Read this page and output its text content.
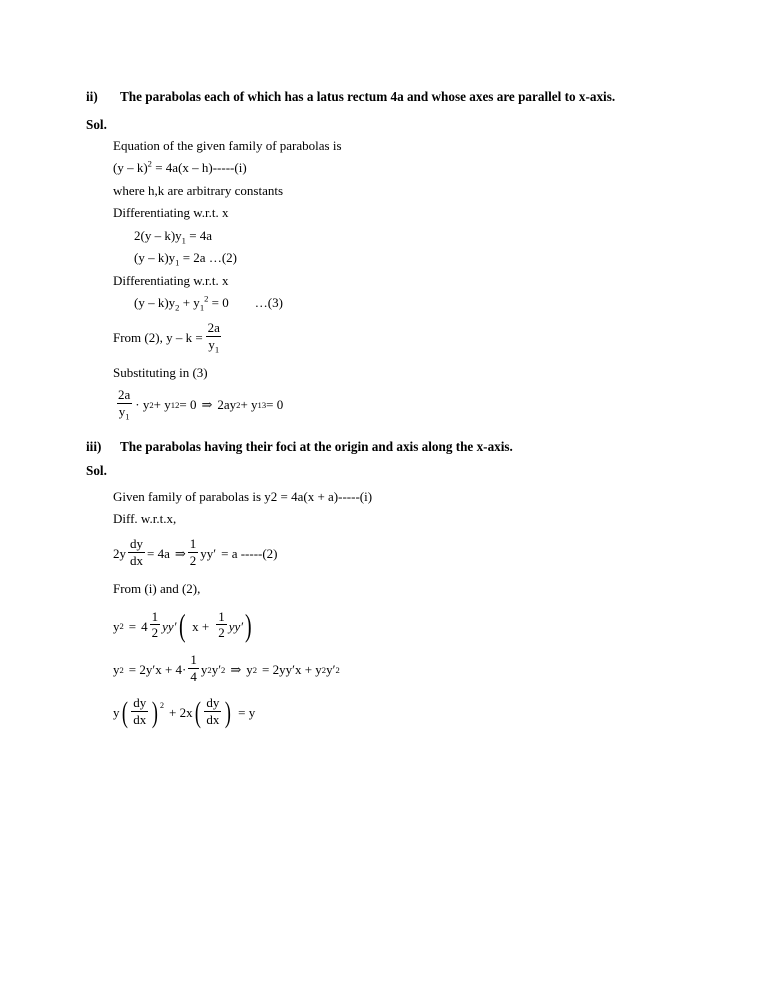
ii)	The parabolas each of which has a latus rectum 4a and whose axes are parallel to x-axis.
Sol.
Equation of the given family of parabolas is
(y – k)$^2$ = 4a(x – h)-----(i)
where h,k are arbitrary constants
Differentiating w.r.t. x
$2(y - k)y_1 = 4a$
$(y - k)y_1 = 2a$ …(2)
Differentiating w.r.t. x
$(y - k)y_2 + y_1^2 = 0$ …(3)
From (2), $y - k = \frac{2a}{y_1}$
Substituting in (3)
$\frac{2a}{y_1} \cdot y$ 2 + y 1 2 = 0 ⇒ 2ay 2 + y 1 3 = 0
iii)	The parabolas having their foci at the origin and axis along the x-axis.
Sol.
Given family of parabolas is y2 = 4a(x + a)-----(i)
Diff. w.r.t.x,
$2y \frac{dy}{dx} = 4a$ ⇒ $\frac{1}{2} yy' = a$ -----(2)
From (i) and (2),
y $2 = 4 \frac{1}{2} yy'$ ( $x + \frac{1}{2} yy'$ )
y $2 = 2y'x + 4\cdot \frac{1}{4}$ y 2 y′ 2 ⇒ y 2 = 2yy′x + y 2 y′ 2
y ( $\frac{dy}{dx}$ ) 2 + 2x ( $\frac{dy}{dx}$ ) = y
